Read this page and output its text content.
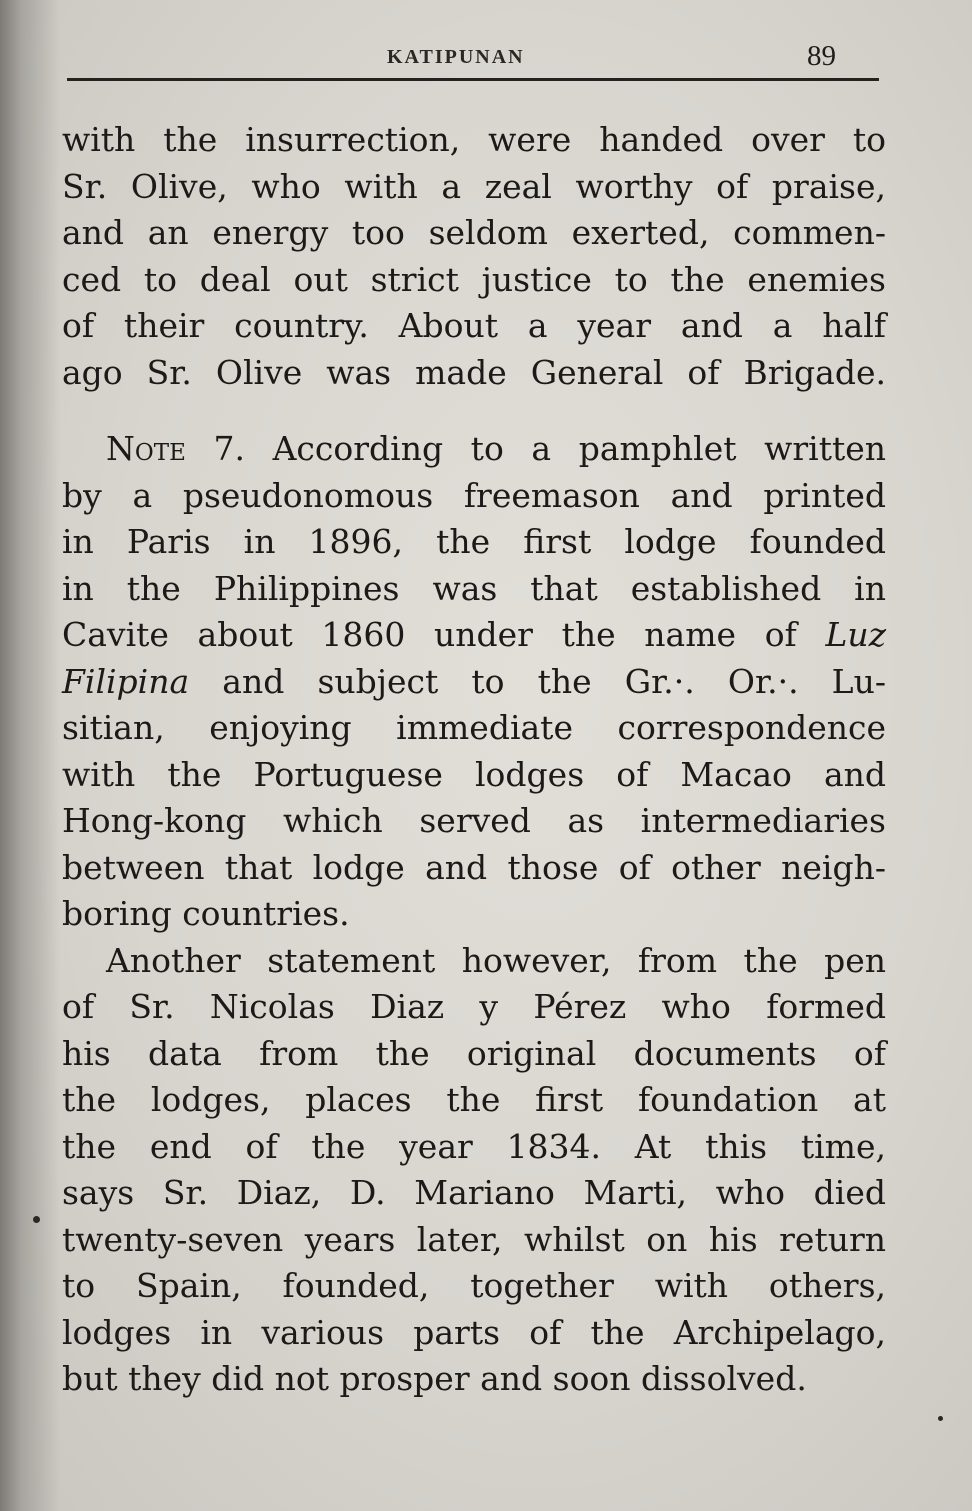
KATIPUNAN	89
with the insurrection, were handed over to
Sr. Olive, who with a zeal worthy of praise,
and an energy too seldom exerted, commen-
ced to deal out strict justice to the enemies
of their country. About a year and a half
ago Sr. Olive was made General of Brigade.
Note 7. According to a pamphlet written
by a pseudonomous freemason and printed
in Paris in 1896, the first lodge founded
in the Philippines was that established in
Cavite about 1860 under the name of Luz
Filipina and subject to the Gr.·. Or.·. Lu-
sitian, enjoying immediate correspondence
with the Portuguese lodges of Macao and
Hong-kong which served as intermediaries
between that lodge and those of other neigh-
boring countries.
Another statement however, from the pen
of Sr. Nicolas Diaz y Pérez who formed
his data from the original documents of
the lodges, places the first foundation at
the end of the year 1834. At this time,
says Sr. Diaz, D. Mariano Marti, who died
twenty-seven years later, whilst on his return
to Spain, founded, together with others,
lodges in various parts of the Archipelago,
but they did not prosper and soon dissolved.
